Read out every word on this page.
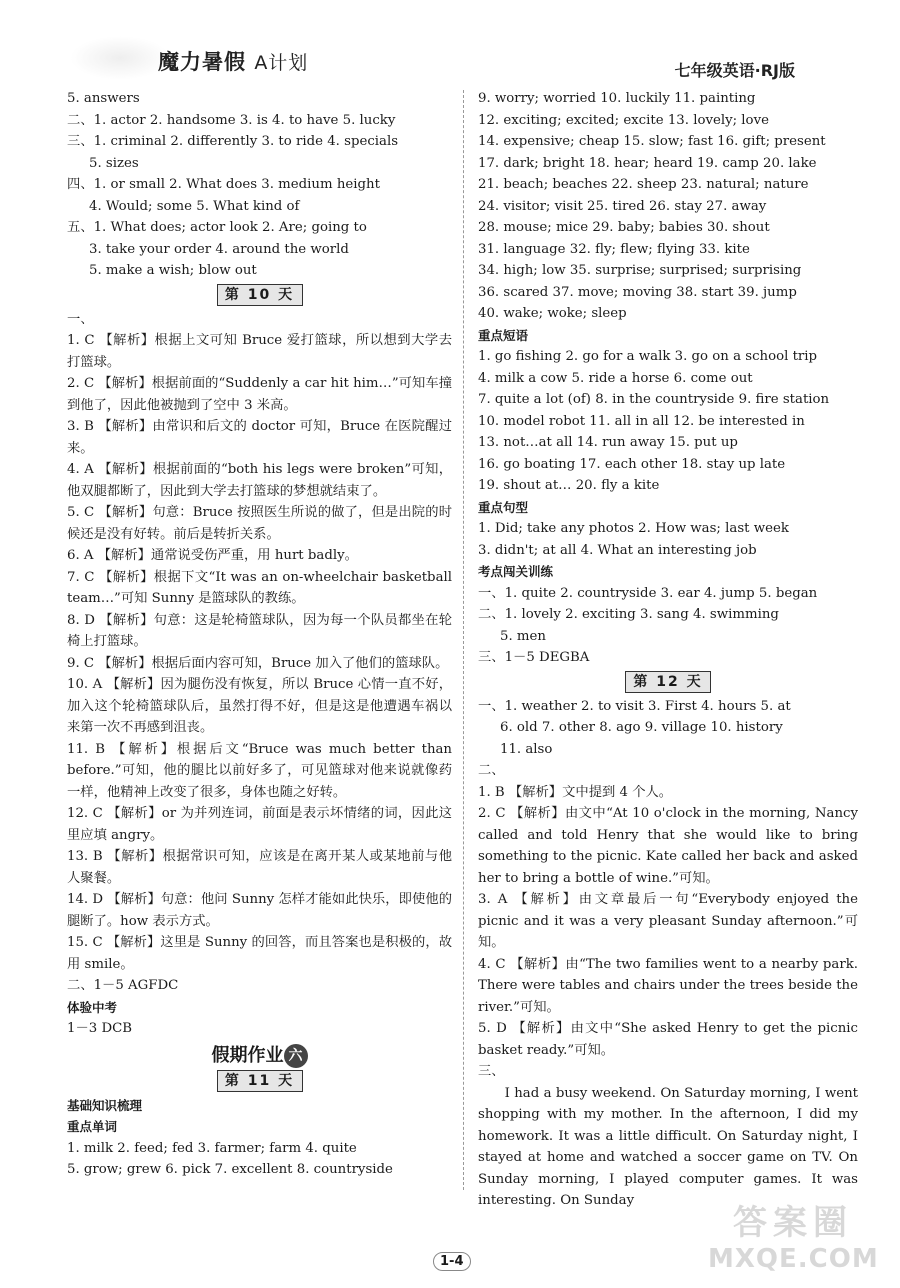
魔力暑假 A计划	七年级英语·RJ版
5. answers
二、1. actor 2. handsome 3. is 4. to have 5. lucky
三、1. criminal 2. differently 3. to ride 4. specials
5. sizes
四、1. or small 2. What does 3. medium height
4. Would; some 5. What kind of
五、1. What does; actor look 2. Are; going to
3. take your order 4. around the world
5. make a wish; blow out
第 10 天
一、
1. C 【解析】根据上文可知 Bruce 爱打篮球，所以想到大学去打篮球。
2. C 【解析】根据前面的“Suddenly a car hit him…”可知车撞到他了，因此他被抛到了空中 3 米高。
3. B 【解析】由常识和后文的 doctor 可知，Bruce 在医院醒过来。
4. A 【解析】根据前面的“both his legs were broken”可知，他双腿都断了，因此到大学去打篮球的梦想就结束了。
5. C 【解析】句意：Bruce 按照医生所说的做了，但是出院的时候还是没有好转。前后是转折关系。
6. A 【解析】通常说受伤严重，用 hurt badly。
7. C 【解析】根据下文“It was an on-wheelchair basketball team…”可知 Sunny 是篮球队的教练。
8. D 【解析】句意：这是轮椅篮球队，因为每一个队员都坐在轮椅上打篮球。
9. C 【解析】根据后面内容可知，Bruce 加入了他们的篮球队。
10. A 【解析】因为腿伤没有恢复，所以 Bruce 心情一直不好，加入这个轮椅篮球队后，虽然打得不好，但是这是他遭遇车祸以来第一次不再感到沮丧。
11. B 【解析】根据后文“Bruce was much better than before.”可知，他的腿比以前好多了，可见篮球对他来说就像药一样，他精神上改变了很多，身体也随之好转。
12. C 【解析】or 为并列连词，前面是表示坏情绪的词，因此这里应填 angry。
13. B 【解析】根据常识可知，应该是在离开某人或某地前与他人聚餐。
14. D 【解析】句意：他问 Sunny 怎样才能如此快乐，即使他的腿断了。how 表示方式。
15. C 【解析】这里是 Sunny 的回答，而且答案也是积极的，故用 smile。
二、1－5 AGFDC
体验中考
1－3 DCB
假期作业 六
第 11 天
基础知识梳理
重点单词
1. milk 2. feed; fed 3. farmer; farm 4. quite
5. grow; grew 6. pick 7. excellent 8. countryside
9. worry; worried 10. luckily 11. painting
12. exciting; excited; excite 13. lovely; love
14. expensive; cheap 15. slow; fast 16. gift; present
17. dark; bright 18. hear; heard 19. camp 20. lake
21. beach; beaches 22. sheep 23. natural; nature
24. visitor; visit 25. tired 26. stay 27. away
28. mouse; mice 29. baby; babies 30. shout
31. language 32. fly; flew; flying 33. kite
34. high; low 35. surprise; surprised; surprising
36. scared 37. move; moving 38. start 39. jump
40. wake; woke; sleep
重点短语
1. go fishing 2. go for a walk 3. go on a school trip
4. milk a cow 5. ride a horse 6. come out
7. quite a lot (of) 8. in the countryside 9. fire station
10. model robot 11. all in all 12. be interested in
13. not…at all 14. run away 15. put up
16. go boating 17. each other 18. stay up late
19. shout at… 20. fly a kite
重点句型
1. Did; take any photos 2. How was; last week
3. didn't; at all 4. What an interesting job
考点闯关训练
一、1. quite 2. countryside 3. ear 4. jump 5. began
二、1. lovely 2. exciting 3. sang 4. swimming
5. men
三、1－5 DEGBA
第 12 天
一、1. weather 2. to visit 3. First 4. hours 5. at
6. old 7. other 8. ago 9. village 10. history
11. also
二、
1. B 【解析】文中提到 4 个人。
2. C 【解析】由文中“At 10 o'clock in the morning, Nancy called and told Henry that she would like to bring something to the picnic. Kate called her back and asked her to bring a bottle of wine.”可知。
3. A 【解析】由文章最后一句“Everybody enjoyed the picnic and it was a very pleasant Sunday afternoon.”可知。
4. C 【解析】由“The two families went to a nearby park. There were tables and chairs under the trees beside the river.”可知。
5. D 【解析】由文中“She asked Henry to get the picnic basket ready.”可知。
三、
I had a busy weekend. On Saturday morning, I went shopping with my mother. In the afternoon, I did my homework. It was a little difficult. On Saturday night, I stayed at home and watched a soccer game on TV. On Sunday morning, I played computer games. It was interesting. On Sunday
1-4
答案圈
MXQE.COM
